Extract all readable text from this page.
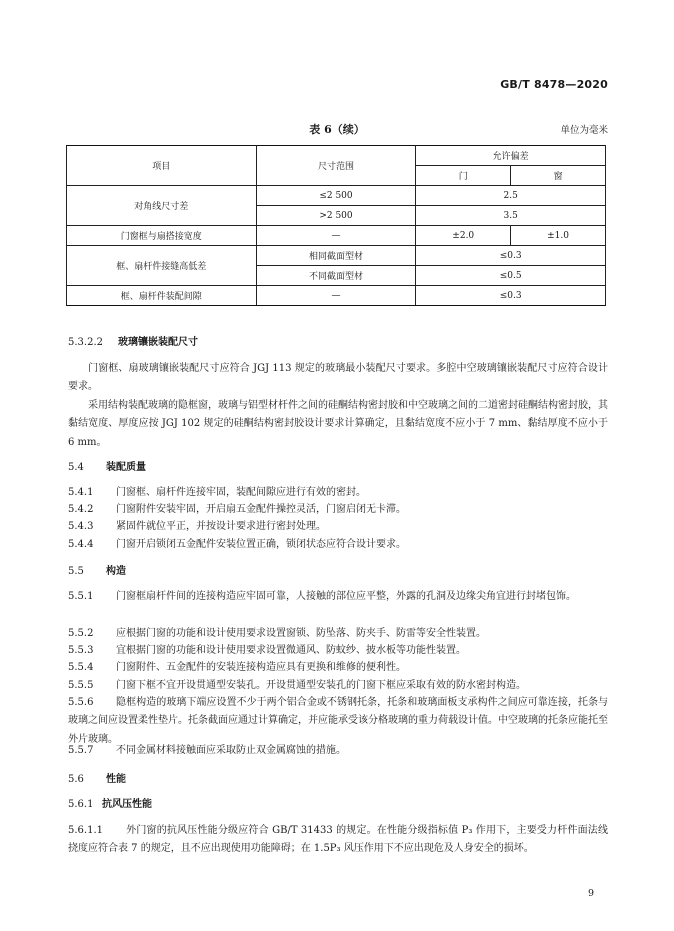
GB/T 8478—2020
表 6（续）	单位为毫米
项目	尺寸范围	允许偏差	
		门	窗
对角线尺寸差	≤2 500	2.5	
	>2 500	3.5	
门窗框与扇搭接宽度	—	±2.0	±1.0
框、扇杆件接缝高低差	相同截面型材	≤0.3	
	不同截面型材	≤0.5	
框、扇杆件装配间隙	—	≤0.3	
5.3.2.2 玻璃镶嵌装配尺寸
门窗框、扇玻璃镶嵌装配尺寸应符合 JGJ 113 规定的玻璃最小装配尺寸要求。多腔中空玻璃镶嵌装配尺寸应符合设计要求。
采用结构装配玻璃的隐框窗，玻璃与铝型材杆件之间的硅酮结构密封胶和中空玻璃之间的二道密封硅酮结构密封胶，其黏结宽度、厚度应按 JGJ 102 规定的硅酮结构密封胶设计要求计算确定，且黏结宽度不应小于 7 mm、黏结厚度不应小于 6 mm。
5.4 装配质量
5.4.1 门窗框、扇杆件连接牢固，装配间隙应进行有效的密封。
5.4.2 门窗附件安装牢固，开启扇五金配件操控灵活，门窗启闭无卡滞。
5.4.3 紧固件就位平正，并按设计要求进行密封处理。
5.4.4 门窗开启锁闭五金配件安装位置正确，锁闭状态应符合设计要求。
5.5 构造
5.5.1 门窗框扇杆件间的连接构造应牢固可靠，人接触的部位应平整，外露的孔洞及边缘尖角宜进行封堵包饰。
5.5.2 应根据门窗的功能和设计使用要求设置窗锁、防坠落、防夹手、防雷等安全性装置。
5.5.3 宜根据门窗的功能和设计使用要求设置微通风、防蚊纱、披水板等功能性装置。
5.5.4 门窗附件、五金配件的安装连接构造应具有更换和维修的便利性。
5.5.5 门窗下框不宜开设贯通型安装孔。开设贯通型安装孔的门窗下框应采取有效的防水密封构造。
5.5.6 隐框构造的玻璃下端应设置不少于两个铝合金或不锈钢托条，托条和玻璃面板支承构件之间应可靠连接，托条与玻璃之间应设置柔性垫片。托条截面应通过计算确定，并应能承受该分格玻璃的重力荷载设计值。中空玻璃的托条应能托至外片玻璃。
5.5.7 不同金属材料接触面应采取防止双金属腐蚀的措施。
5.6 性能
5.6.1 抗风压性能
5.6.1.1 外门窗的抗风压性能分级应符合 GB/T 31433 的规定。在性能分级指标值 P₃ 作用下，主要受力杆件面法线挠度应符合表 7 的规定，且不应出现使用功能障碍；在 1.5P₃ 风压作用下不应出现危及人身安全的损坏。
9
